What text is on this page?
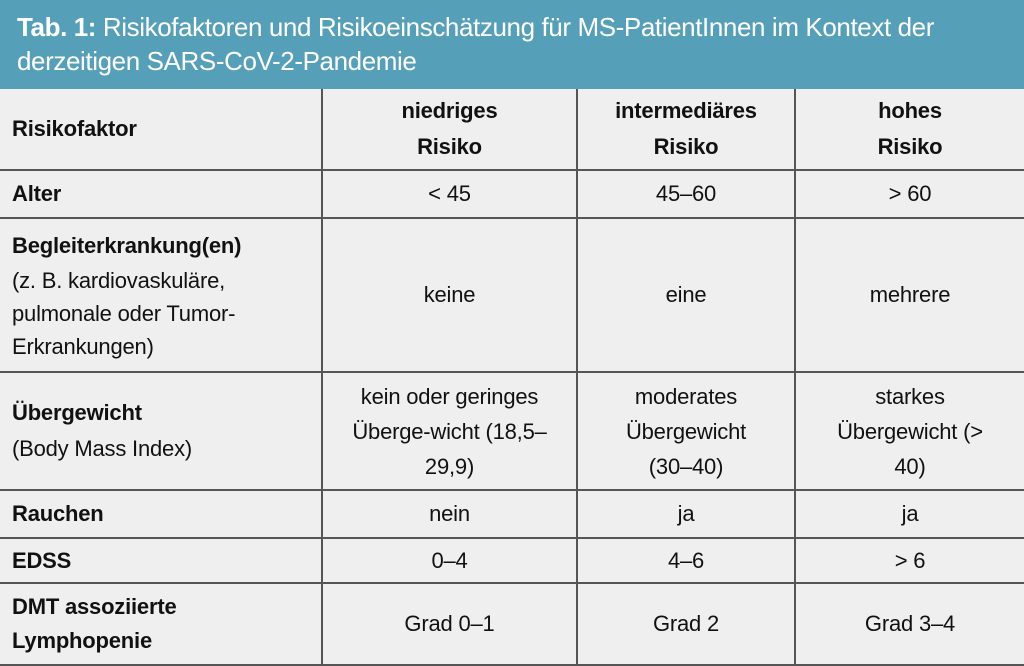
Tab. 1: Risikofaktoren und Risikoeinschätzung für MS-PatientInnen im Kontext der derzeitigen SARS-CoV-2-Pandemie
Risikofaktor	niedriges Risiko	intermediäres Risiko	hohes Risiko

Alter	< 45	45–60	> 60

Begleiterkrankung(en)
(z. B. kardiovaskuläre, pulmonale oder Tumor-Erkrankungen)	keine	eine	mehrere

Übergewicht
(Body Mass Index)	kein oder geringes Überge-wicht (18,5–29,9)	moderates Übergewicht (30–40)	starkes Übergewicht (> 40)

Rauchen	nein	ja	ja
EDSS	0–4	4–6	> 6

DMT assoziierte Lymphopenie	Grad 0–1	Grad 2	Grad 3–4
